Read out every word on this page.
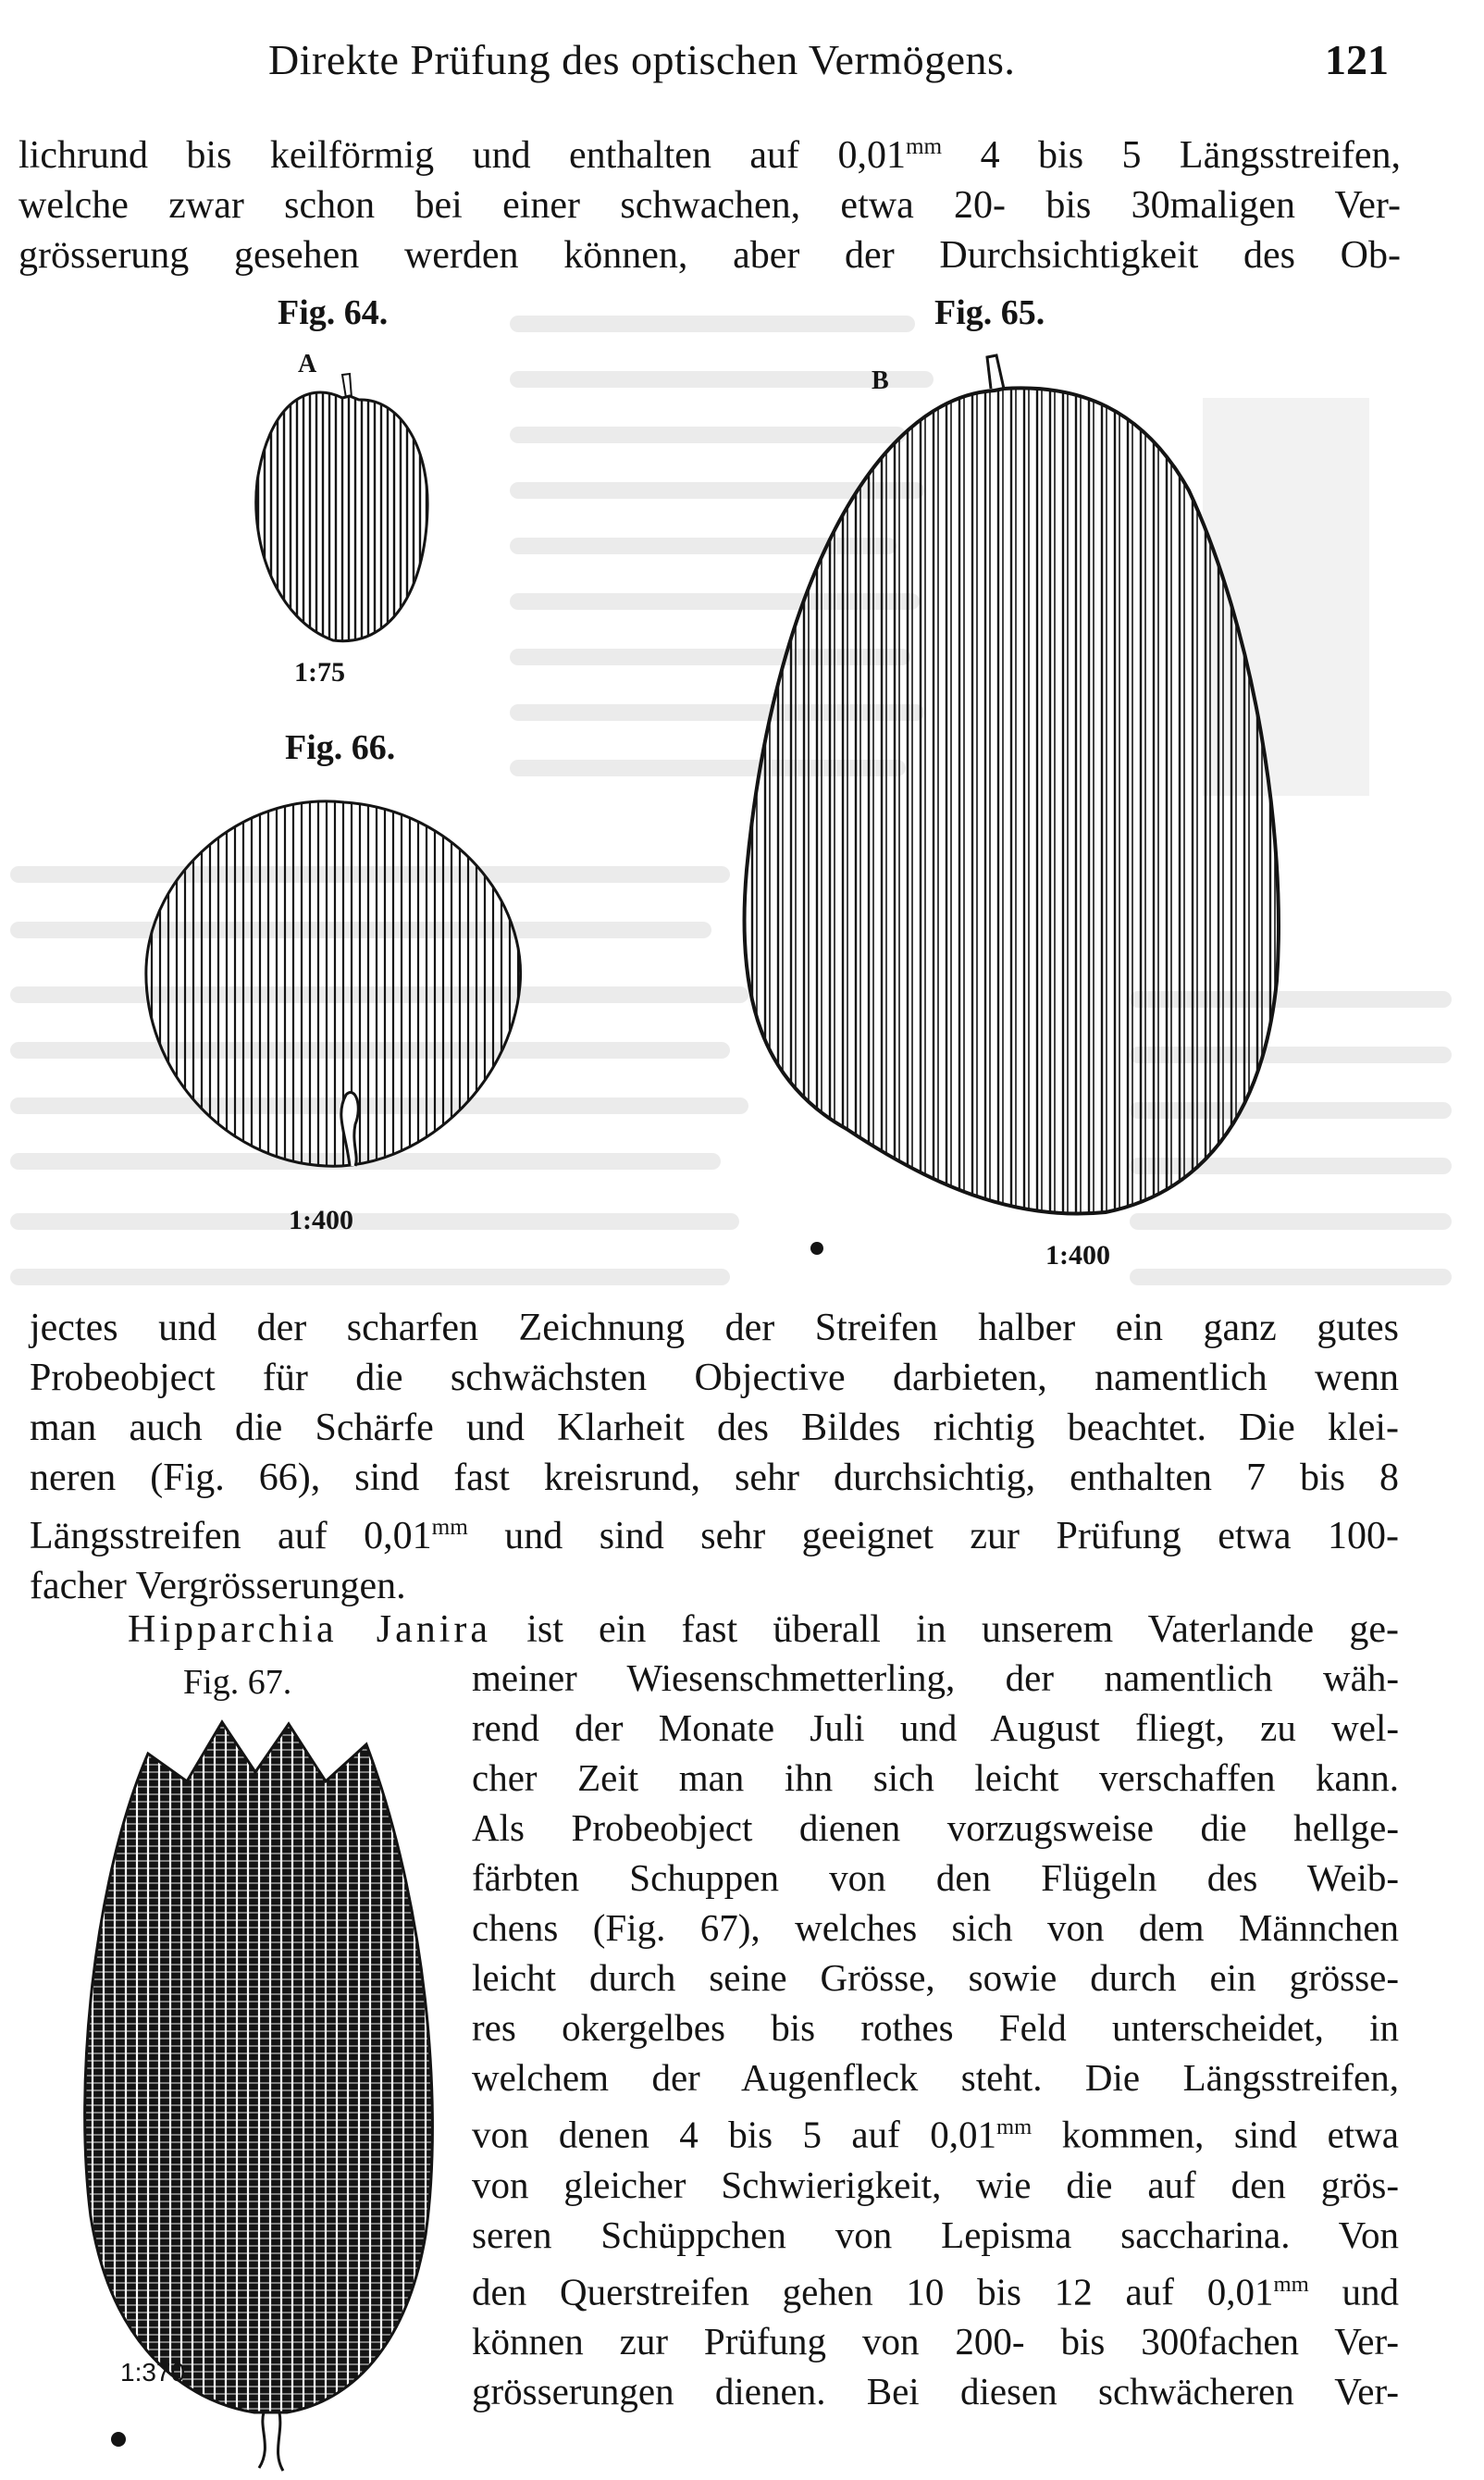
Direkte Prüfung des optischen Vermögens.	121
lichrund bis keilförmig und enthalten auf $0,01^{mm}$ 4 bis 5 Längsstreifen,
welche zwar schon bei einer schwachen, etwa 20- bis 30maligen Ver-
grösserung gesehen werden können, aber der Durchsichtigkeit des Ob-
Fig. 64.
A
1:75
Fig. 66.
1:400
Fig. 65.
B
1:400
jectes und der scharfen Zeichnung der Streifen halber ein ganz gutes
Probeobject für die schwächsten Objective darbieten, namentlich wenn
man auch die Schärfe und Klarheit des Bildes richtig beachtet. Die klei-
neren (Fig. 66), sind fast kreisrund, sehr durchsichtig, enthalten 7 bis 8
Längsstreifen auf $0,01^{mm}$ und sind sehr geeignet zur Prüfung etwa 100-
facher Vergrösserungen.
Hipparchia Janira ist ein fast überall in unserem Vaterlande ge-
Fig. 67.
1:370
meiner Wiesenschmetterling, der namentlich wäh-
rend der Monate Juli und August fliegt, zu wel-
cher Zeit man ihn sich leicht verschaffen kann.
Als Probeobject dienen vorzugsweise die hellge-
färbten Schuppen von den Flügeln des Weib-
chens (Fig. 67), welches sich von dem Männchen
leicht durch seine Grösse, sowie durch ein grösse-
res okergelbes bis rothes Feld unterscheidet, in
welchem der Augenfleck steht. Die Längsstreifen,
von denen 4 bis 5 auf $0,01^{mm}$ kommen, sind etwa
von gleicher Schwierigkeit, wie die auf den grös-
seren Schüppchen von Lepisma saccharina. Von
den Querstreifen gehen 10 bis 12 auf $0,01^{mm}$ und
können zur Prüfung von 200- bis 300fachen Ver-
grösserungen dienen. Bei diesen schwächeren Ver-
